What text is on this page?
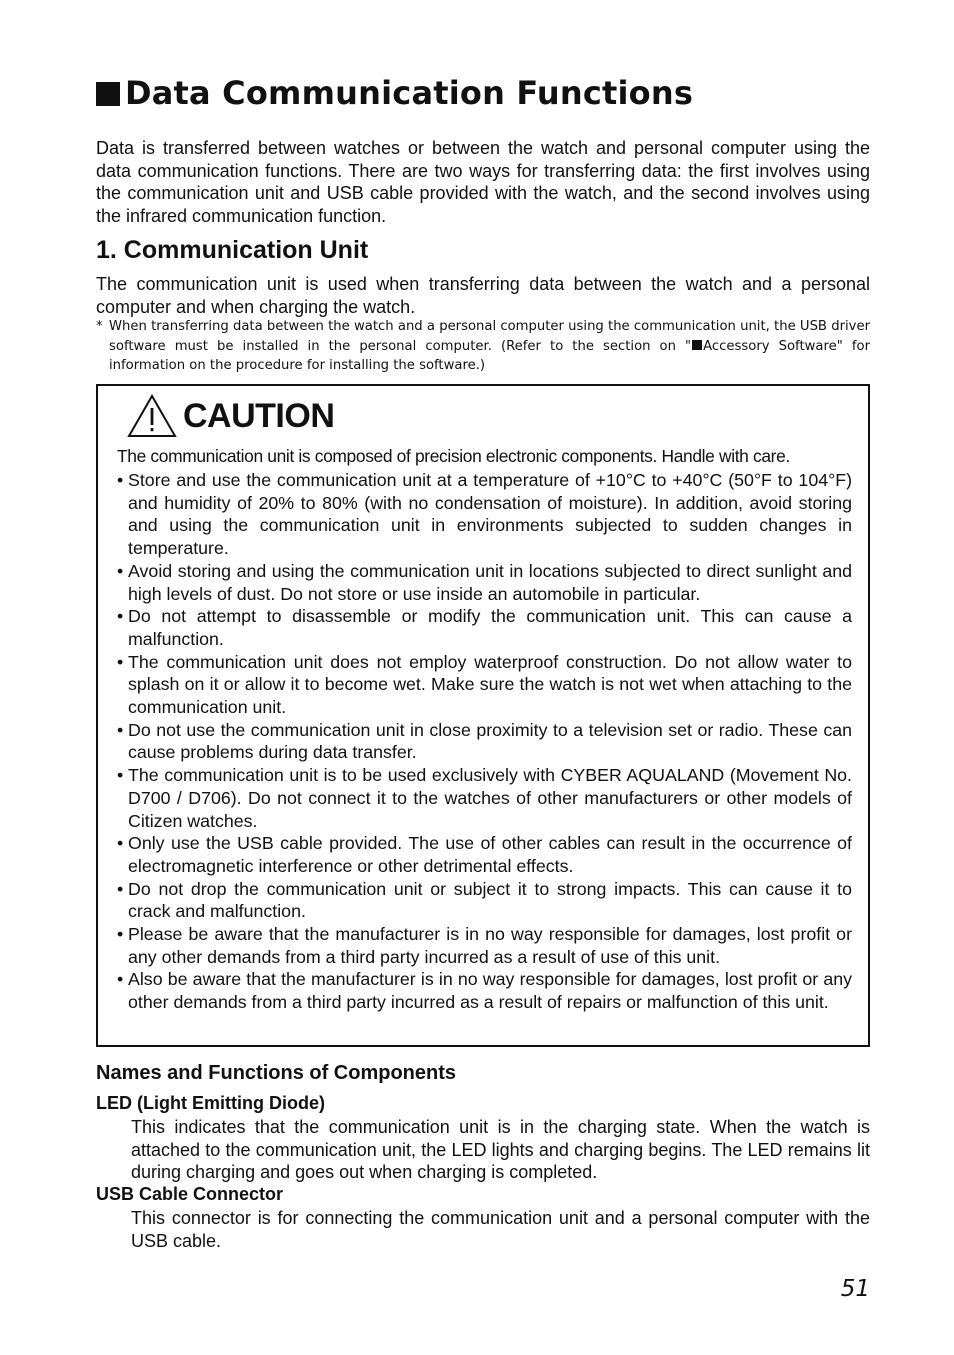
Data Communication Functions

Data is transferred between watches or between the watch and personal computer using the data communication functions. There are two ways for transferring data: the first involves using the communication unit and USB cable provided with the watch, and the second involves using the infrared communication function.

1. Communication Unit

The communication unit is used when transferring data between the watch and a personal computer and when charging the watch.

* When transferring data between the watch and a personal computer using the communication unit, the USB driver software must be installed in the personal computer. (Refer to the section on " Accessory Software" for information on the procedure for installing the software.)
CAUTION

The communication unit is composed of precision electronic components. Handle with care.

• Store and use the communication unit at a temperature of +10°C to +40°C (50°F to 104°F) and humidity of 20% to 80% (with no condensation of moisture). In addition, avoid storing and using the communication unit in environments subjected to sudden changes in temperature.
• Avoid storing and using the communication unit in locations subjected to direct sunlight and high levels of dust. Do not store or use inside an automobile in particular.
• Do not attempt to disassemble or modify the communication unit. This can cause a malfunction.
• The communication unit does not employ waterproof construction. Do not allow water to splash on it or allow it to become wet. Make sure the watch is not wet when attaching to the communication unit.
• Do not use the communication unit in close proximity to a television set or radio. These can cause problems during data transfer.
• The communication unit is to be used exclusively with CYBER AQUALAND (Movement No. D700 / D706). Do not connect it to the watches of other manufacturers or other models of Citizen watches.
• Only use the USB cable provided. The use of other cables can result in the occurrence of electromagnetic interference or other detrimental effects.
• Do not drop the communication unit or subject it to strong impacts. This can cause it to crack and malfunction.
• Please be aware that the manufacturer is in no way responsible for damages, lost profit or any other demands from a third party incurred as a result of use of this unit.
• Also be aware that the manufacturer is in no way responsible for damages, lost profit or any other demands from a third party incurred as a result of repairs or malfunction of this unit.
Names and Functions of Components
LED (Light Emitting Diode)

This indicates that the communication unit is in the charging state. When the watch is attached to the communication unit, the LED lights and charging begins. The LED remains lit during charging and goes out when charging is completed.

USB Cable Connector

This connector is for connecting the communication unit and a personal computer with the USB cable.

51
